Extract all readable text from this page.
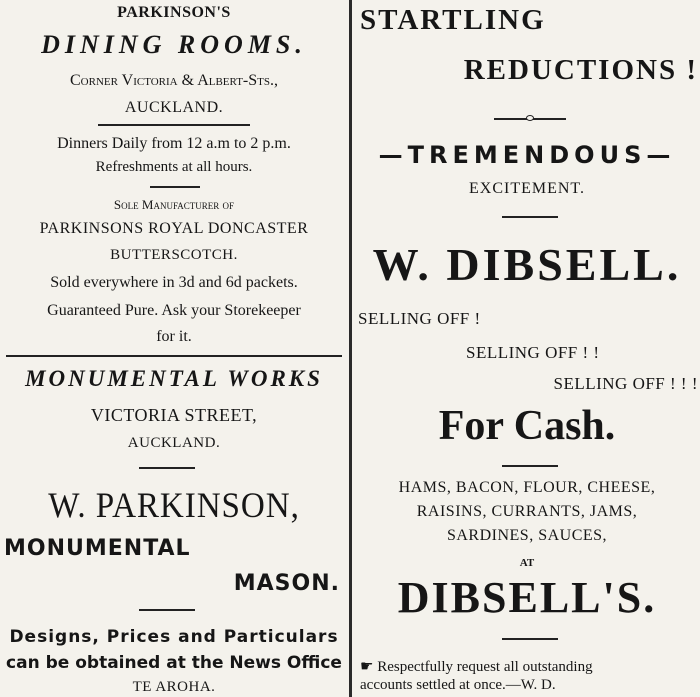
PARKINSON'S
DINING ROOMS.
Corner Victoria & Albert-Sts.,
AUCKLAND.
Dinners Daily from 12 a.m to 2 p.m.
Refreshments at all hours.
Sole Manufacturer of
PARKINSONS ROYAL DONCASTER
BUTTERSCOTCH.
Sold everywhere in 3d and 6d packets.
Guaranteed Pure. Ask your Storekeeper
for it.
MONUMENTAL WORKS
VICTORIA STREET,
AUCKLAND.
W. PARKINSON,
MONUMENTAL
MASON.
Designs, Prices and Particulars
can be obtained at the News Office
TE AROHA.
STARTLING
REDUCTIONS !
—TREMENDOUS—
EXCITEMENT.
W. DIBSELL.
SELLING OFF !
SELLING OFF ! !
SELLING OFF ! ! !
For Cash.
HAMS, BACON, FLOUR, CHEESE,
RAISINS, CURRANTS, JAMS,
SARDINES, SAUCES,
AT
DIBSELL'S.
☛ Respectfully request all outstanding
accounts settled at once.—W. D.
